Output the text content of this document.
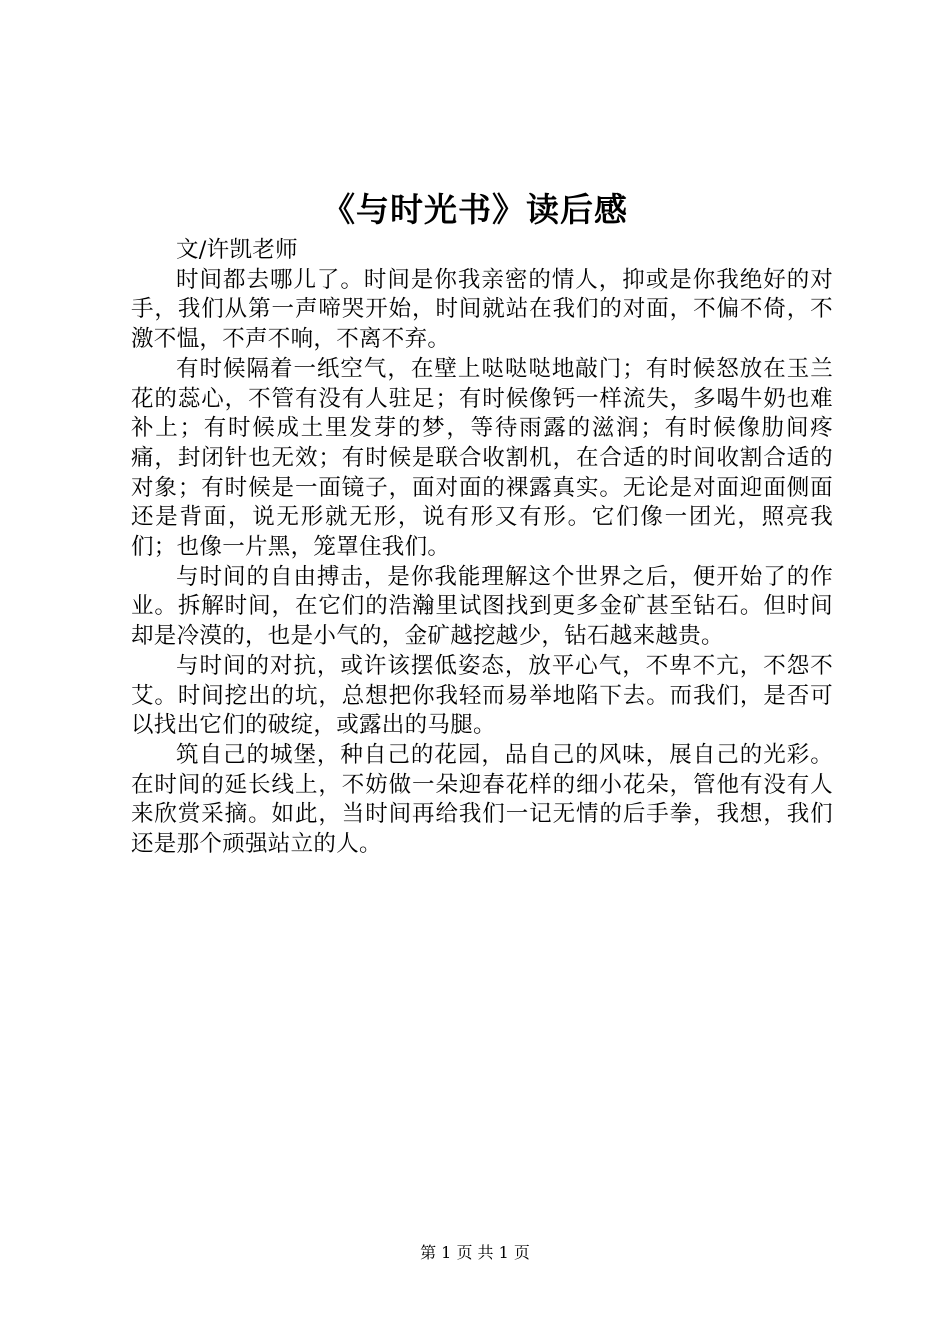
《与时光书》读后感

文/许凯老师

时间都去哪儿了。时间是你我亲密的情人，抑或是你我绝好的对手，我们从第一声啼哭开始，时间就站在我们的对面，不偏不倚，不激不愠，不声不响，不离不弃。

有时候隔着一纸空气，在壁上哒哒哒地敲门；有时候怒放在玉兰花的蕊心，不管有没有人驻足；有时候像钙一样流失，多喝牛奶也难补上；有时候成土里发芽的梦，等待雨露的滋润；有时候像肋间疼痛，封闭针也无效；有时候是联合收割机，在合适的时间收割合适的对象；有时候是一面镜子，面对面的裸露真实。无论是对面迎面侧面还是背面，说无形就无形，说有形又有形。它们像一团光，照亮我们；也像一片黑，笼罩住我们。

与时间的自由搏击，是你我能理解这个世界之后，便开始了的作业。拆解时间，在它们的浩瀚里试图找到更多金矿甚至钻石。但时间却是冷漠的，也是小气的，金矿越挖越少，钻石越来越贵。

与时间的对抗，或许该摆低姿态，放平心气，不卑不亢，不怨不艾。时间挖出的坑，总想把你我轻而易举地陷下去。而我们，是否可以找出它们的破绽，或露出的马腿。

筑自己的城堡，种自己的花园，品自己的风味，展自己的光彩。在时间的延长线上，不妨做一朵迎春花样的细小花朵，管他有没有人来欣赏采摘。如此，当时间再给我们一记无情的后手拳，我想，我们还是那个顽强站立的人。

第 1 页 共 1 页
